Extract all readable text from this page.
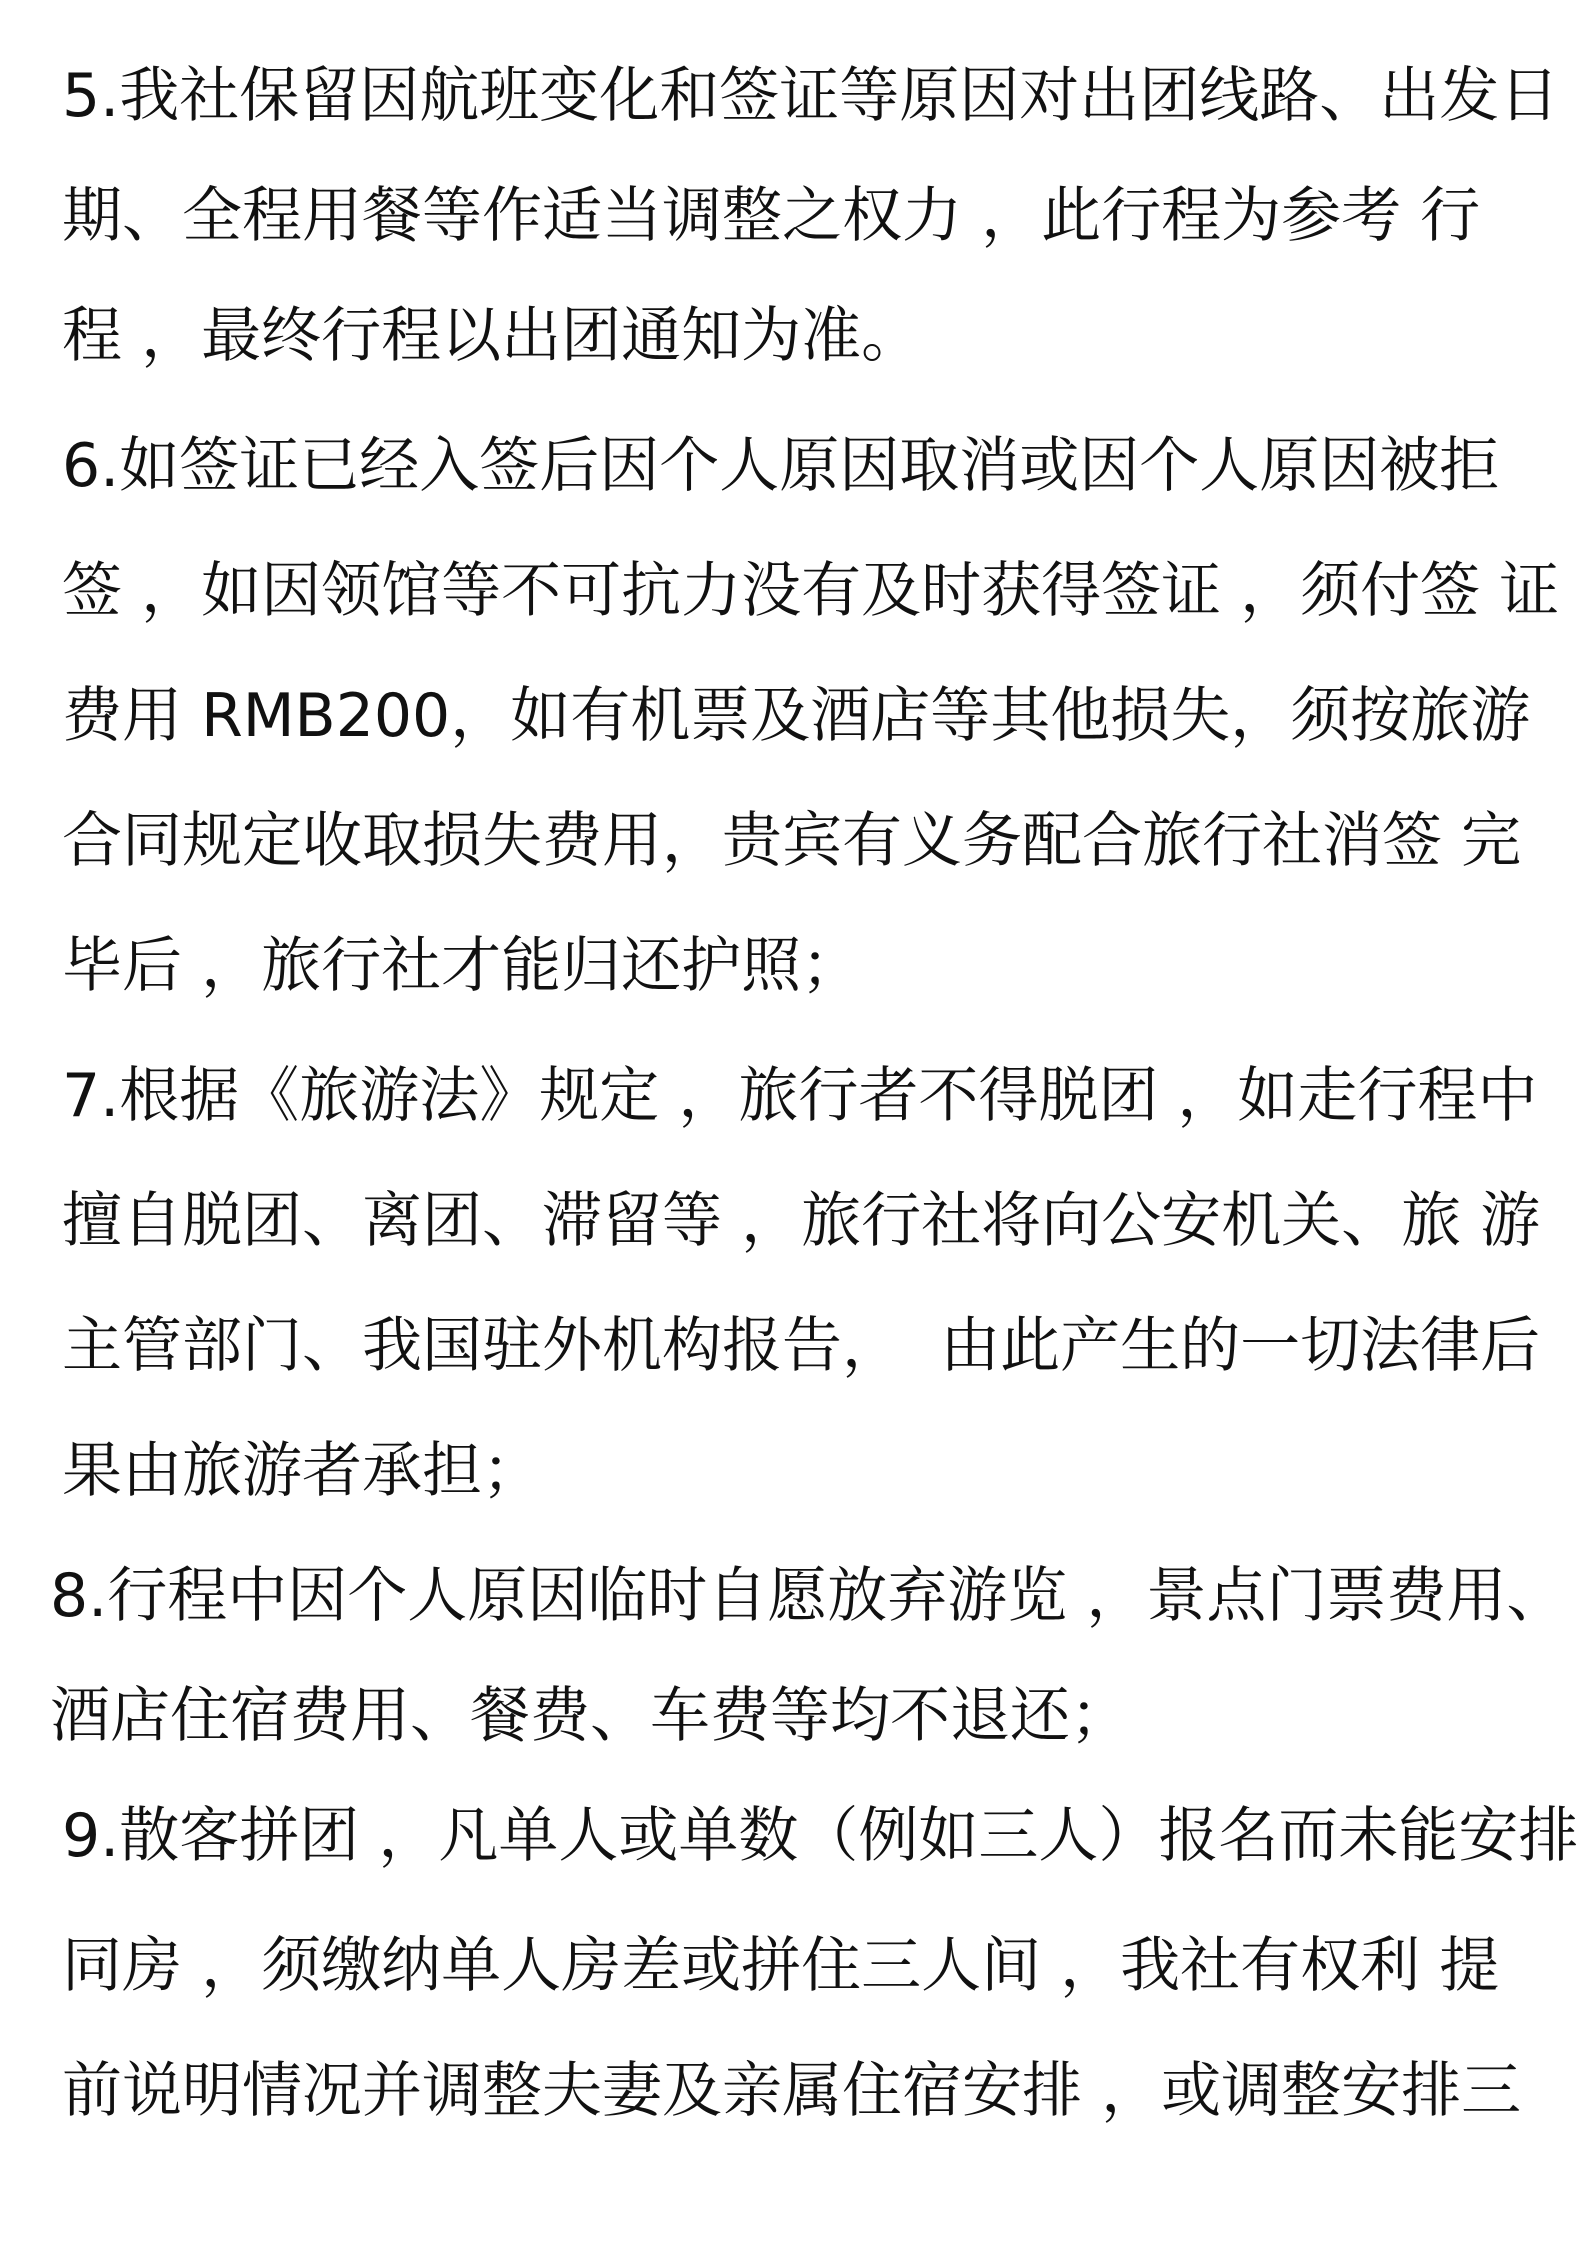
5.我社保留因航班变化和签证等原因对出团线路、出发日
期、全程用餐等作适当调整之权力 ，此行程为参考 行
程 ，最终行程以出团通知为准。
6.如签证已经入签后因个人原因取消或因个人原因被拒
签 ，如因领馆等不可抗力没有及时获得签证 ，须付签 证
费用 RMB200，如有机票及酒店等其他损失，须按旅游
合同规定收取损失费用，贵宾有义务配合旅行社消签 完
毕后 ，旅行社才能归还护照；
7.根据《旅游法》规定 ，旅行者不得脱团 ，如走行程中
擅自脱团、离团、滞留等 ，旅行社将向公安机关、旅 游
主管部门、我国驻外机构报告，  由此产生的一切法律后
果由旅游者承担；
8.行程中因个人原因临时自愿放弃游览 ，景点门票费用、
酒店住宿费用、餐费、车费等均不退还；
9.散客拼团 ，凡单人或单数（例如三人）报名而未能安排
同房 ，须缴纳单人房差或拼住三人间 ，我社有权利 提
前说明情况并调整夫妻及亲属住宿安排 ，或调整安排三
